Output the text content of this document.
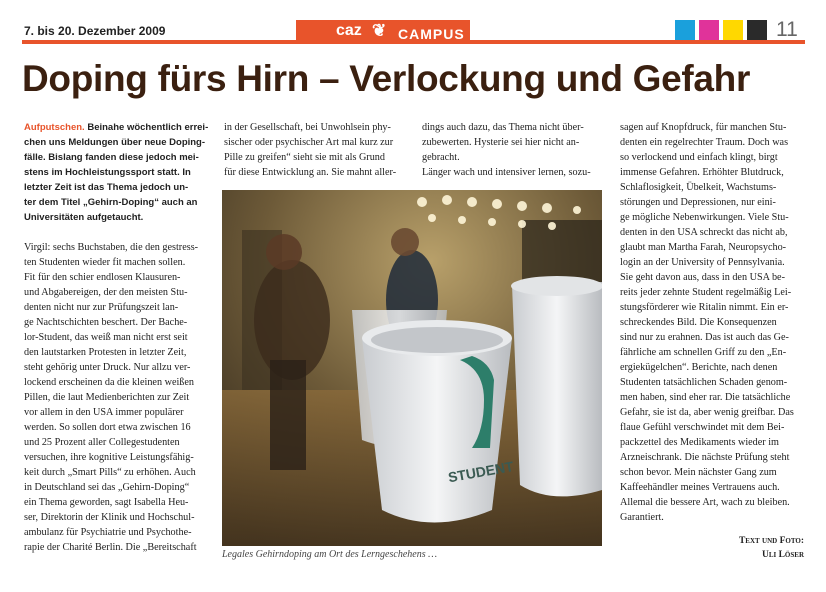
7. bis 20. Dezember 2009	caz ❦ CAMPUS	11
Doping fürs Hirn – Verlockung und Gefahr

Aufputschen. Beinahe wöchentlich errei-

chen uns Meldungen über neue Doping-

fälle. Bislang fanden diese jedoch mei-

stens im Hochleistungssport statt. In

letzter Zeit ist das Thema jedoch un-

ter dem Titel „Gehirn-Doping“ auch an

Universitäten aufgetaucht.

Virgil: sechs Buchstaben, die den gestress-

ten Studenten wieder fit machen sollen.

Fit für den schier endlosen Klausuren-

und Abgabereigen, der den meisten Stu-

denten nicht nur zur Prüfungszeit lan-

ge Nachtschichten beschert. Der Bache-

lor-Student, das weiß man nicht erst seit

den lautstarken Protesten in letzter Zeit,

steht gehörig unter Druck. Nur allzu ver-

lockend erscheinen da die kleinen weißen

Pillen, die laut Medienberichten zur Zeit

vor allem in den USA immer populärer

werden. So sollen dort etwa zwischen 16

und 25 Prozent aller Collegestudenten

versuchen, ihre kognitive Leistungsfähig-

keit durch „Smart Pills“ zu erhöhen. Auch

in Deutschland sei das „Gehirn-Doping“

ein Thema geworden, sagt Isabella Heu-

ser, Direktorin der Klinik und Hochschul-

ambulanz für Psychiatrie und Psychothe-

rapie der Charité Berlin. Die „Bereitschaft

in der Gesellschaft, bei Unwohlsein phy-

sischer oder psychischer Art mal kurz zur

Pille zu greifen“ sieht sie mit als Grund

für diese Entwicklung an. Sie mahnt aller-

dings auch dazu, das Thema nicht über-

zubewerten. Hysterie sei hier nicht an-

gebracht.

Länger wach und intensiver lernen, sozu-

sagen auf Knopfdruck, für manchen Stu-

denten ein regelrechter Traum. Doch was

so verlockend und einfach klingt, birgt

immense Gefahren. Erhöhter Blutdruck,

Schlaflosigkeit, Übelkeit, Wachstums-

störungen und Depressionen, nur eini-

ge mögliche Nebenwirkungen. Viele Stu-

denten in den USA schreckt das nicht ab,

glaubt man Martha Farah, Neuropsycho-

login an der University of Pennsylvania.

Sie geht davon aus, dass in den USA be-

reits jeder zehnte Student regelmäßig Lei-

stungsförderer wie Ritalin nimmt. Ein er-

schreckendes Bild. Die Konsequenzen

sind nur zu erahnen. Das ist auch das Ge-

fährliche am schnellen Griff zu den „En-

ergiekügelchen“. Berichte, nach denen

Studenten tatsächlichen Schaden genom-

men haben, sind eher rar. Die tatsächliche

Gefahr, sie ist da, aber wenig greifbar. Das

flaue Gefühl verschwindet mit dem Bei-

packzettel des Medikaments wieder im

Arzneischrank. Die nächste Prüfung steht

schon bevor. Mein nächster Gang zum

Kaffeehändler meines Vertrauens auch.

Allemal die bessere Art, wach zu bleiben.

Garantiert.

STUDENT
Legales Gehirndoping am Ort des Lerngeschehens …
Text und Foto:
Uli Löser
